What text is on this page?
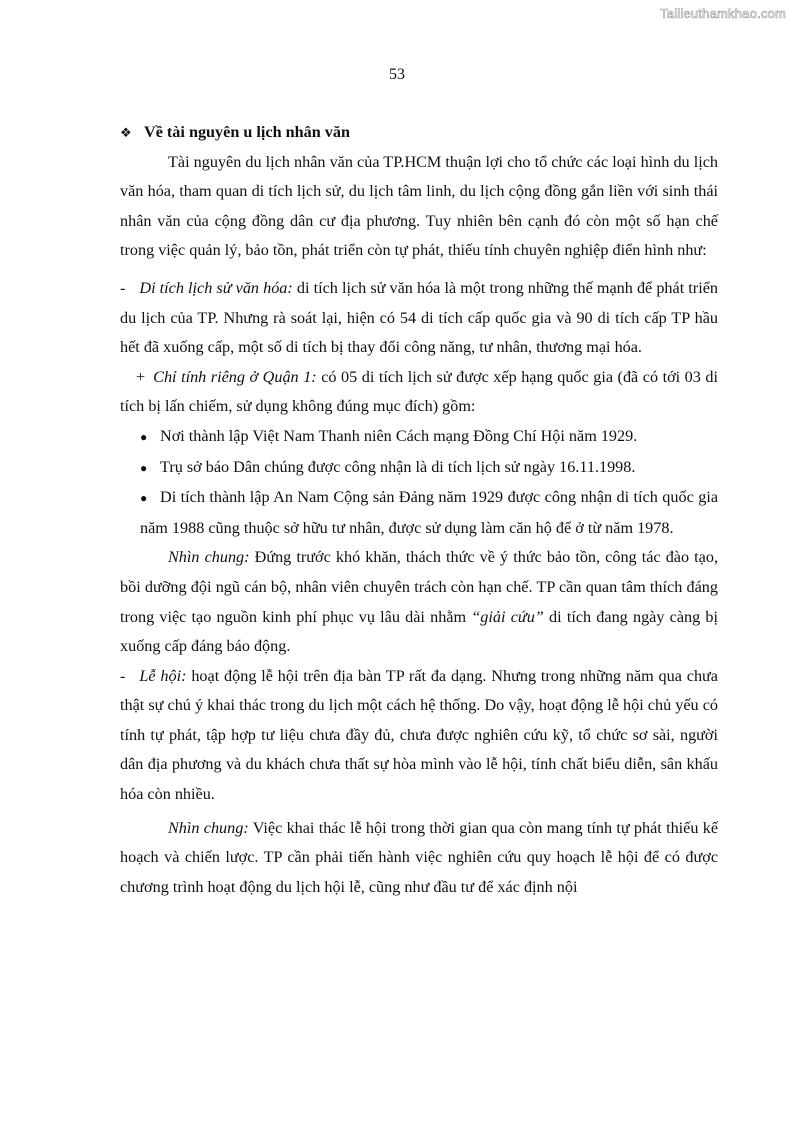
Tailieuthamkhao.com
53
❖ Về tài nguyên u lịch nhân văn

Tài nguyên du lịch nhân văn của TP.HCM thuận lợi cho tổ chức các loại hình du lịch văn hóa, tham quan di tích lịch sử, du lịch tâm linh, du lịch cộng đồng gắn liền với sinh thái nhân văn của cộng đồng dân cư địa phương. Tuy nhiên bên cạnh đó còn một số hạn chế trong việc quản lý, bảo tồn, phát triển còn tự phát, thiếu tính chuyên nghiệp điển hình như:

- Di tích lịch sử văn hóa: di tích lịch sử văn hóa là một trong những thế mạnh để phát triển du lịch của TP. Nhưng rà soát lại, hiện có 54 di tích cấp quốc gia và 90 di tích cấp TP hầu hết đã xuống cấp, một số di tích bị thay đổi công năng, tư nhân, thương mại hóa.

+ Chỉ tính riêng ở Quận 1: có 05 di tích lịch sử được xếp hạng quốc gia (đã có tới 03 di tích bị lấn chiếm, sử dụng không đúng mục đích) gồm:

● Nơi thành lập Việt Nam Thanh niên Cách mạng Đồng Chí Hội năm 1929.
● Trụ sở báo Dân chúng được công nhận là di tích lịch sử ngày 16.11.1998.
● Di tích thành lập An Nam Cộng sản Đảng năm 1929 được công nhận di tích quốc gia năm 1988 cũng thuộc sở hữu tư nhân, được sử dụng làm căn hộ để ở từ năm 1978.

Nhìn chung: Đứng trước khó khăn, thách thức về ý thức bảo tồn, công tác đào tạo, bồi dưỡng đội ngũ cán bộ, nhân viên chuyên trách còn hạn chế. TP cần quan tâm thích đáng trong việc tạo nguồn kinh phí phục vụ lâu dài nhằm “giải cứu” di tích đang ngày càng bị xuống cấp đáng báo động.

- Lễ hội: hoạt động lễ hội trên địa bàn TP rất đa dạng. Nhưng trong những năm qua chưa thật sự chú ý khai thác trong du lịch một cách hệ thống. Do vậy, hoạt động lễ hội chủ yếu có tính tự phát, tập hợp tư liệu chưa đầy đủ, chưa được nghiên cứu kỹ, tổ chức sơ sài, người dân địa phương và du khách chưa thất sự hòa mình vào lễ hội, tính chất biểu diễn, sân khấu hóa còn nhiều.

Nhìn chung: Việc khai thác lễ hội trong thời gian qua còn mang tính tự phát thiếu kế hoạch và chiến lược. TP cần phải tiến hành việc nghiên cứu quy hoạch lễ hội để có được chương trình hoạt động du lịch hội lễ, cũng như đầu tư để xác định nội
